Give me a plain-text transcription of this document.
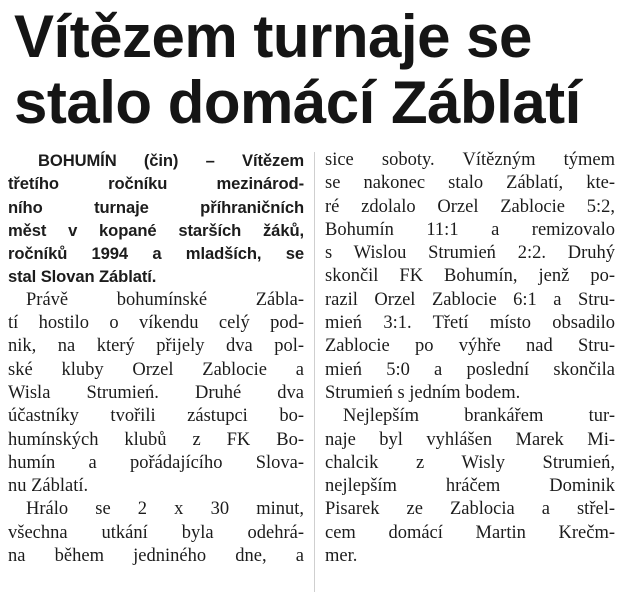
Vítězem turnaje se
stalo domácí Záblatí

BOHUMÍN (čin) – Vítězem
třetího ročníku mezinárod-
ního turnaje příhraničních
měst v kopané starších žáků,
ročníků 1994 a mladších, se
stal Slovan Záblatí.

Právě bohumínské Zábla-
tí hostilo o víkendu celý pod-
nik, na který přijely dva pol-
ské kluby Orzel Zablocie a
Wisla Strumień. Druhé dva
účastníky tvořili zástupci bo-
humínských klubů z FK Bo-
humín a pořádajícího Slova-
nu Záblatí.

Hrálo se 2 x 30 minut,
všechna utkání byla odehrá-
na během jedniného dne, a

sice soboty. Vítězným týmem
se nakonec stalo Záblatí, kte-
ré zdolalo Orzel Zablocie 5:2,
Bohumín 11:1 a remizovalo
s Wislou Strumień 2:2. Druhý
skončil FK Bohumín, jenž po-
razil Orzel Zablocie 6:1 a Stru-
mień 3:1. Třetí místo obsadilo
Zablocie po výhře nad Stru-
mień 5:0 a poslední skončila
Strumień s jedním bodem.

Nejlepším brankářem tur-
naje byl vyhlášen Marek Mi-
chalcik z Wisly Strumień,
nejlepším hráčem Dominik
Pisarek ze Zablocia a střel-
cem domácí Martin Krečm-
mer.
